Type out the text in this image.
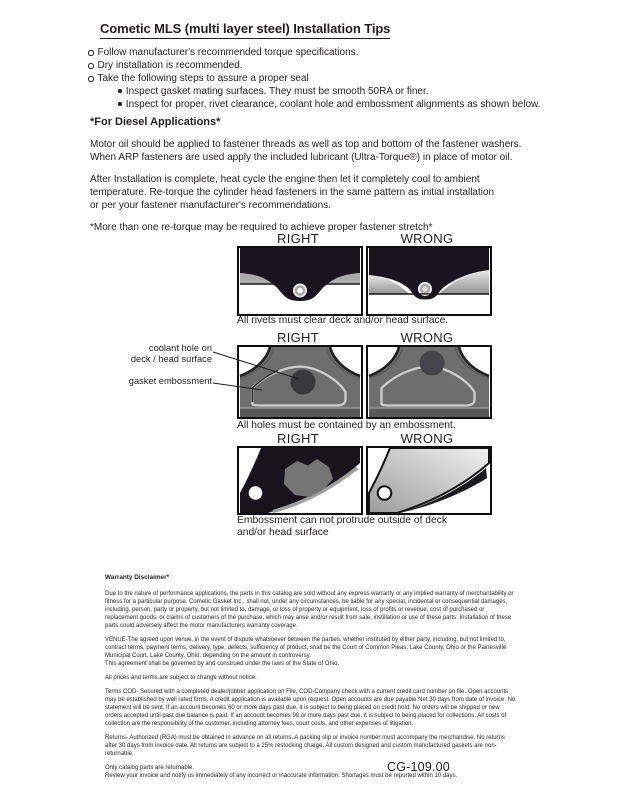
Cometic MLS (multi layer steel) Installation Tips
Follow manufacturer's recommended torque specifications.
Dry installation is recommended.
Take the following steps to assure a proper seal
Inspect gasket mating surfaces. They must be smooth 50RA or finer.
Inspect for proper, rivet clearance, coolant hole and embossment alignments as shown below.
*For Diesel Applications*
Motor oil should be applied to fastener threads as well as top and bottom of the fastener washers.
When ARP fasteners are used apply the included lubricant (Ultra-Torque®) in place of motor oil.
After Installation is complete, heat cycle the engine then let it completely cool to ambient
temperature. Re-torque the cylinder head fasteners in the same pattern as initial installation
or per your fastener manufacturer's recommendations.
*More than one re-torque may be required to achieve proper fastener stretch*
RIGHT	WRONG
All rivets must clear deck and/or head surface.
RIGHT	WRONG
coolant hole on
deck / head surface
gasket embossment
All holes must be contained by an embossment.
RIGHT	WRONG
Embossment can not protrude outside of deck
and/or head surface
Warranty Disclaimer*

Due to the nature of performance applications, the parts in this catalog are sold without any express warranty or any implied warranty of merchantability or fitness for a particular purpose. Cometic Gasket Inc., shall not, under any circumstances, be liable for any special, incidental or consequential damages, including, person, party or property, but not limited to, damage, or loss of property or equipment, loss of profits or revenue, cost of purchased or replacement goods, or claims of customers of the purchase, which may arise and/or result from sale, instillation or use of these parts. Installation of these parts could adversely affect the motor manufacturers warranty coverage.

VENUE-The agreed upon venue, in the event of dispute whatsoever between the parties, whether instituted by either party, including, but not limited to, contract terms, payment terms, delivery, type, defects, sufficiency of product, shall be the Court of Common Pleas, Lake County, Ohio or the Painesville Municipal Court, Lake County, Ohio, depending on the amount in controversy.

This agreement shall be governed by and construed under the laws of the State of Ohio.

All prices and terms are subject to change without notice.

Terms COD- Secured with a completed dealer/jobber application on File, COD-Company check with a current credit card number on file. Open accounts may be established by well rated firms. A credit application is available upon request. Open accounts are due payable Net 30 days from date of invoice. No statement will be sent. If an account becomes 60 or more days past due, it is subject to being placed on credit hold. No orders will be shipped or new orders accepted until past due balance is paid. If an account becomes 90 or more days past due, it is subject to being placed for collections. All costs of collection are the responsibility of the customer, including attorney fees, court costs, and other expenses of litigation.

Returns- Authorized (RGA) must be obtained in advance on all returns. A packing slip or invoice number must accompany the merchandise. No returns after 30 days from invoice date. All returns are subject to a 25% restocking charge. All custom designed and custom manufactured gaskets are non-returnable.

Only catalog parts are returnable.

Review your invoice and notify us immediately of any incorrect or inaccurate information. Shortages must be reported within 10 days.

CG-109.00
